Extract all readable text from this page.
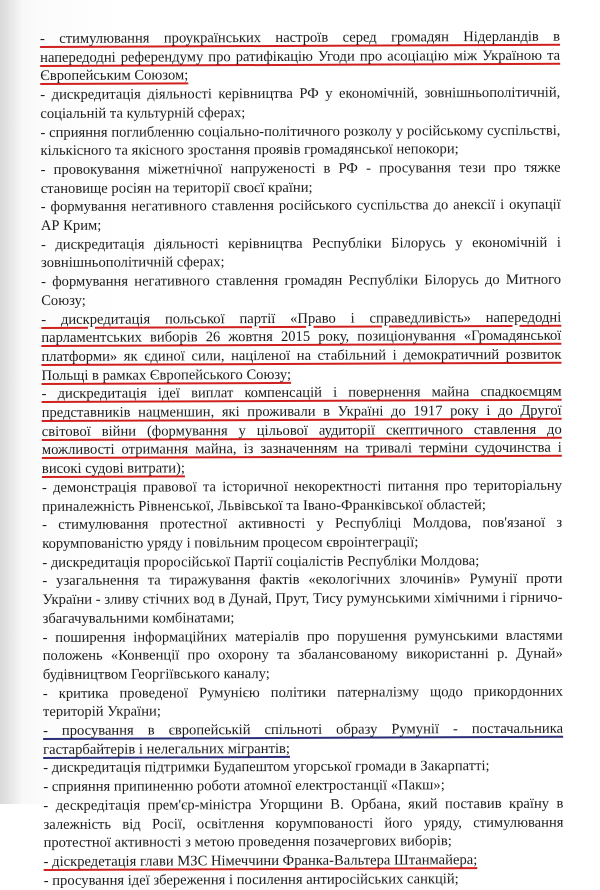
- стимулювання проукраїнських настроїв серед громадян Нідерландів в напередодні референдуму про ратифікацію Угоди про асоціацію між Україною та Європейським Союзом;

- дискредитація діяльності керівництва РФ у економічній, зовнішньополітичній, соціальній та культурній сферах;

- сприяння поглибленню соціально-політичного розколу у російському суспільстві, кількісного та якісного зростання проявів громадянської непокори;

- провокування міжетнічної напруженості в РФ - просування тези про тяжке становище росіян на території своєї країни;

- формування негативного ставлення російського суспільства до анексії і окупації АР Крим;

- дискредитація діяльності керівництва Республіки Білорусь у економічній і зовнішньополітичній сферах;

- формування негативного ставлення громадян Республіки Білорусь до Митного Союзу;

- дискредитація польської партії «Право і справедливість» напередодні парламентських виборів 26 жовтня 2015 року, позиціонування «Громадянської платформи» як єдиної сили, націленої на стабільний і демократичний розвиток Польщі в рамках Європейського Союзу;

- дискредитація ідеї виплат компенсацій і повернення майна спадкоємцям представників нацменшин, які проживали в Україні до 1917 року і до Другої світової війни (формування у цільової аудиторії скептичного ставлення до можливості отримання майна, із зазначенням на тривалі терміни судочинства і високі судові витрати);

- демонстрація правової та історичної некоректності питання про територіальну приналежність Рівненської, Львівської та Івано-Франківської областей;

- стимулювання протестної активності у Республіці Молдова, пов'язаної з корумпованістю уряду і повільним процесом євроінтеграції;

- дискредитація проросійської Партії соціалістів Республіки Молдова;

- узагальнення та тиражування фактів «екологічних злочинів» Румунії проти України - зливу стічних вод в Дунай, Прут, Тису румунськими хімічними і гірничо-збагачувальними комбінатами;

- поширення інформаційних матеріалів про порушення румунськими властями положень «Конвенції про охорону та збалансованому використанні р. Дунай» будівництвом Георгіївського каналу;

- критика проведеної Румунією політики патерналізму щодо прикордонних територій України;

- просування в європейській спільноті образу Румунії - постачальника гастарбайтерів і нелегальних мігрантів;

- дискредитація підтримки Будапештом угорської громади в Закарпатті;

- сприяння припиненню роботи атомної електростанції «Пакш»;

- дескредітація прем'єр-міністра Угорщини В. Орбана, який поставив країну в залежність від Росії, освітлення корумпованості його уряду, стимулювання протестної активності з метою проведення позачергових виборів;

- діскредетація глави МЗС Німеччини Франка-Вальтера Штанмайера;

- просування ідеї збереження і посилення антиросійських санкцій;
